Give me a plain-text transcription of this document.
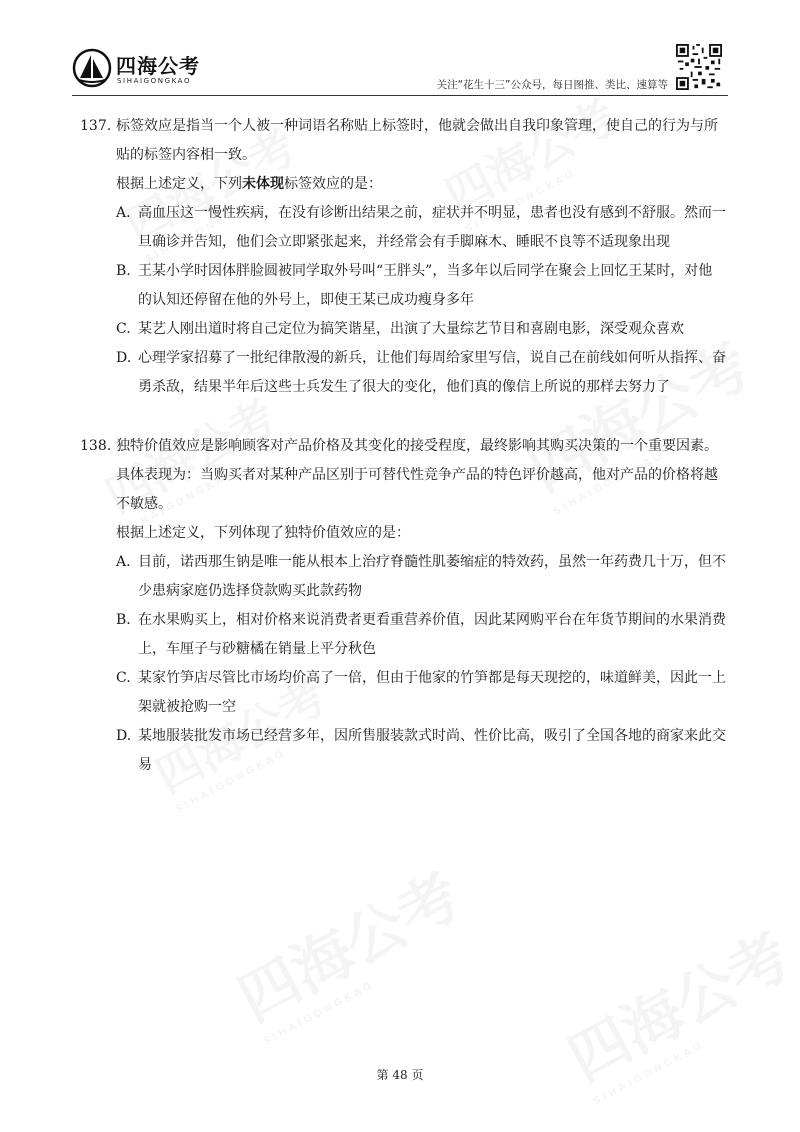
四海公考
SIHAIGONGKAO	关注“花生十三”公众号，每日图推、类比、速算等
137. 标签效应是指当一个人被一种词语名称贴上标签时，他就会做出自我印象管理，使自己的行为与所
贴的标签内容相一致。
根据上述定义，下列未体现标签效应的是：
A. 高血压这一慢性疾病，在没有诊断出结果之前，症状并不明显，患者也没有感到不舒服。然而一
旦确诊并告知，他们会立即紧张起来，并经常会有手脚麻木、睡眠不良等不适现象出现
B. 王某小学时因体胖脸圆被同学取外号叫“王胖头”，当多年以后同学在聚会上回忆王某时，对他
的认知还停留在他的外号上，即使王某已成功瘦身多年
C. 某艺人刚出道时将自己定位为搞笑谐星，出演了大量综艺节目和喜剧电影，深受观众喜欢
D. 心理学家招募了一批纪律散漫的新兵，让他们每周给家里写信，说自己在前线如何听从指挥、奋
勇杀敌，结果半年后这些士兵发生了很大的变化，他们真的像信上所说的那样去努力了
138. 独特价值效应是影响顾客对产品价格及其变化的接受程度，最终影响其购买决策的一个重要因素。
具体表现为：当购买者对某种产品区别于可替代性竞争产品的特色评价越高，他对产品的价格将越
不敏感。
根据上述定义，下列体现了独特价值效应的是：
A. 目前，诺西那生钠是唯一能从根本上治疗脊髓性肌萎缩症的特效药，虽然一年药费几十万，但不
少患病家庭仍选择贷款购买此款药物
B. 在水果购买上，相对价格来说消费者更看重营养价值，因此某网购平台在年货节期间的水果消费
上，车厘子与砂糖橘在销量上平分秋色
C. 某家竹笋店尽管比市场均价高了一倍，但由于他家的竹笋都是每天现挖的，味道鲜美，因此一上
架就被抢购一空
D. 某地服装批发市场已经营多年，因所售服装款式时尚、性价比高，吸引了全国各地的商家来此交
易
第 48 页
